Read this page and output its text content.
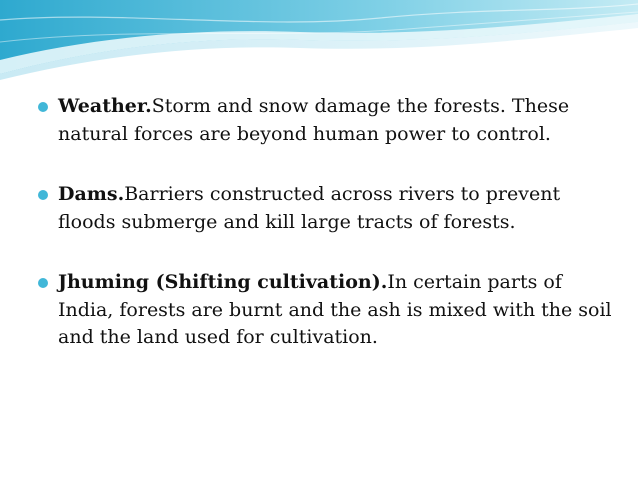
Weather.Storm and snow damage the forests. These natural forces are beyond human power to control.
Dams.Barriers constructed across rivers to prevent floods submerge and kill large tracts of forests.
Jhuming (Shifting cultivation).In certain parts of India, forests are burnt and the ash is mixed with the soil and the land used for cultivation.
